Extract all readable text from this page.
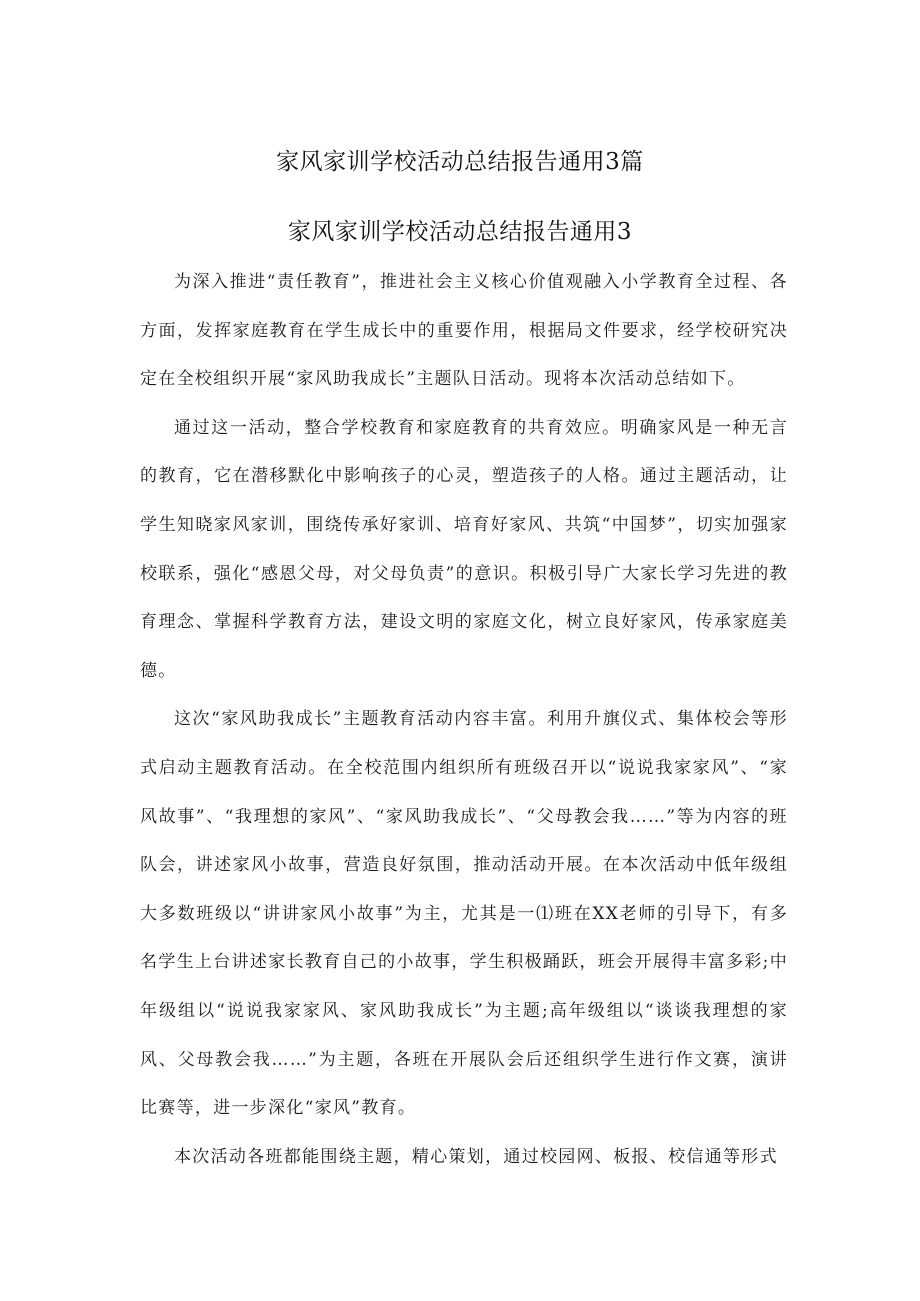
家风家训学校活动总结报告通用3篇
家风家训学校活动总结报告通用3

为深入推进“责任教育”，推进社会主义核心价值观融入小学教育全过程、各方面，发挥家庭教育在学生成长中的重要作用，根据局文件要求，经学校研究决定在全校组织开展“家风助我成长”主题队日活动。现将本次活动总结如下。

通过这一活动，整合学校教育和家庭教育的共育效应。明确家风是一种无言的教育，它在潜移默化中影响孩子的心灵，塑造孩子的人格。通过主题活动，让学生知晓家风家训，围绕传承好家训、培育好家风、共筑“中国梦”，切实加强家校联系，强化“感恩父母，对父母负责”的意识。积极引导广大家长学习先进的教育理念、掌握科学教育方法，建设文明的家庭文化，树立良好家风，传承家庭美德。

这次“家风助我成长”主题教育活动内容丰富。利用升旗仪式、集体校会等形式启动主题教育活动。在全校范围内组织所有班级召开以“说说我家家风”、“家风故事”、“我理想的家风”、“家风助我成长”、“父母教会我……”等为内容的班队会，讲述家风小故事，营造良好氛围，推动活动开展。在本次活动中低年级组大多数班级以“讲讲家风小故事”为主，尤其是一⑴班在XX老师的引导下，有多名学生上台讲述家长教育自己的小故事，学生积极踊跃，班会开展得丰富多彩;中年级组以“说说我家家风、家风助我成长”为主题;高年级组以“谈谈我理想的家风、父母教会我……”为主题，各班在开展队会后还组织学生进行作文赛，演讲比赛等，进一步深化“家风”教育。

本次活动各班都能围绕主题，精心策划，通过校园网、板报、校信通等形式
